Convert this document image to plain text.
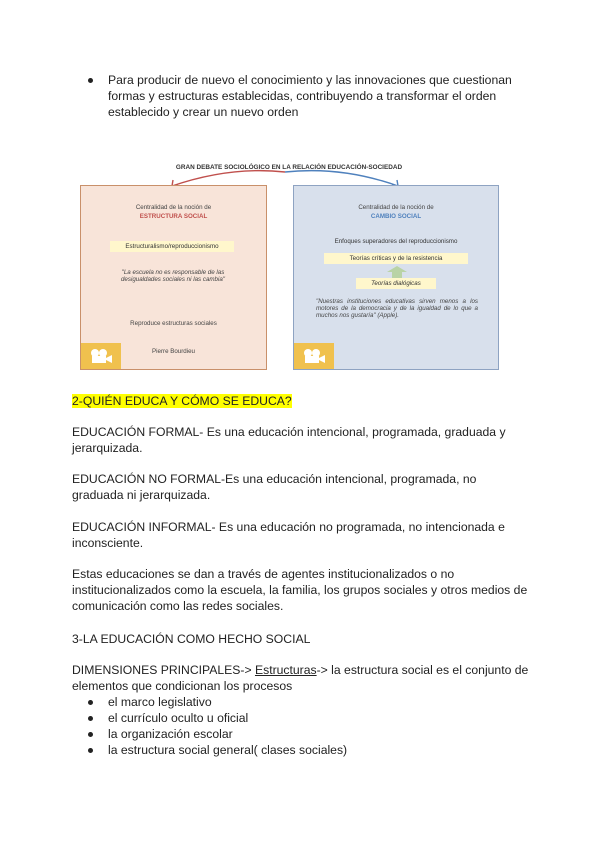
Para producir de nuevo el conocimiento y las innovaciones que cuestionan formas y estructuras establecidas, contribuyendo a transformar el orden establecido y crear un nuevo orden
GRAN DEBATE SOCIOLÓGICO EN LA RELACIÓN EDUCACIÓN-SOCIEDAD
Centralidad de la noción de
ESTRUCTURA SOCIAL
Estructuralismo/reproduccionismo
"La escuela no es responsable de las desigualdades sociales ni las cambia"
Reproduce estructuras sociales
Pierre Bourdieu
Centralidad de la noción de
CAMBIO SOCIAL
Enfoques superadores del reproduccionismo
Teorías críticas y de la resistencia
Teorías dialógicas
"Nuestras instituciones educativas sirven menos a los motores de la democracia y de la igualdad de lo que a muchos nos gustaría" (Apple).
2-QUIÉN EDUCA Y CÓMO SE EDUCA?
EDUCACIÓN FORMAL- Es una educación intencional, programada, graduada y jerarquizada.
EDUCACIÓN NO FORMAL-Es una educación intencional, programada, no graduada ni jerarquizada.
EDUCACIÓN INFORMAL- Es una educación no programada, no intencionada e inconsciente.
Estas educaciones se dan a través de agentes institucionalizados o no institucionalizados como la escuela, la familia, los grupos sociales y otros medios de comunicación como las redes sociales.
3-LA EDUCACIÓN COMO HECHO SOCIAL
DIMENSIONES PRINCIPALES-> Estructuras-> la estructura social es el conjunto de elementos que condicionan los procesos
el marco legislativo
el currículo oculto u oficial
la organización escolar
la estructura social general( clases sociales)
